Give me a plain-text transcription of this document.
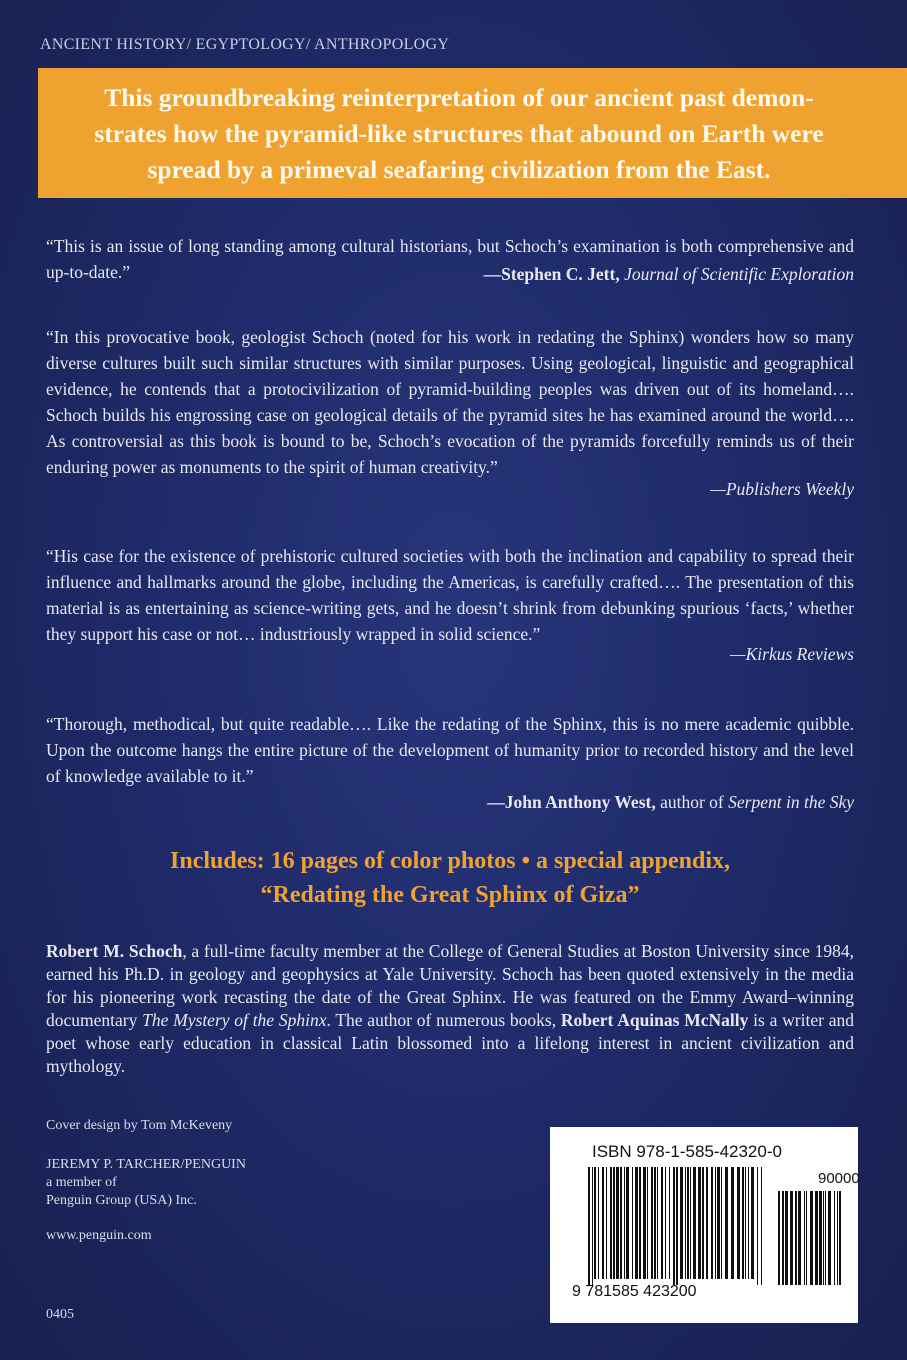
ANCIENT HISTORY/ EGYPTOLOGY/ ANTHROPOLOGY

This groundbreaking reinterpretation of our ancient past demon-
strates how the pyramid-like structures that abound on Earth were
spread by a primeval seafaring civilization from the East.

“This is an issue of long standing among cultural historians, but Schoch’s examination is both comprehensive and up-to-date.”	—Stephen C. Jett, Journal of Scientific Exploration

“In this provocative book, geologist Schoch (noted for his work in redating the Sphinx) wonders how so many diverse cultures built such similar structures with similar purposes. Using geological, linguistic and geographical evidence, he contends that a protocivilization of pyramid-building peoples was driven out of its homeland…. Schoch builds his engrossing case on geological details of the pyramid sites he has examined around the world…. As controversial as this book is bound to be, Schoch’s evocation of the pyramids forcefully reminds us of their enduring power as monuments to the spirit of human creativity.”

—Publishers Weekly

“His case for the existence of prehistoric cultured societies with both the inclination and capability to spread their influence and hallmarks around the globe, including the Americas, is carefully crafted…. The presentation of this material is as entertaining as science-writing gets, and he doesn’t shrink from debunking spurious ‘facts,’ whether they support his case or not… industriously wrapped in solid science.”

—Kirkus Reviews

“Thorough, methodical, but quite readable…. Like the redating of the Sphinx, this is no mere academic quibble. Upon the outcome hangs the entire picture of the development of humanity prior to recorded history and the level of knowledge available to it.”

—John Anthony West, author of Serpent in the Sky
Includes: 16 pages of color photos • a special appendix,
“Redating the Great Sphinx of Giza”
Robert M. Schoch, a full-time faculty member at the College of General Studies at Boston University since 1984, earned his Ph.D. in geology and geophysics at Yale University. Schoch has been quoted extensively in the media for his pioneering work recasting the date of the Great Sphinx. He was featured on the Emmy Award–winning documentary The Mystery of the Sphinx. The author of numerous books, Robert Aquinas McNally is a writer and poet whose early education in classical Latin blossomed into a lifelong interest in ancient civilization and mythology.
Cover design by Tom McKeveny
JEREMY P. TARCHER/PENGUIN
a member of
Penguin Group (USA) Inc.
www.penguin.com
0405
ISBN 978-1-585-42320-0
90000
9 781585 423200
